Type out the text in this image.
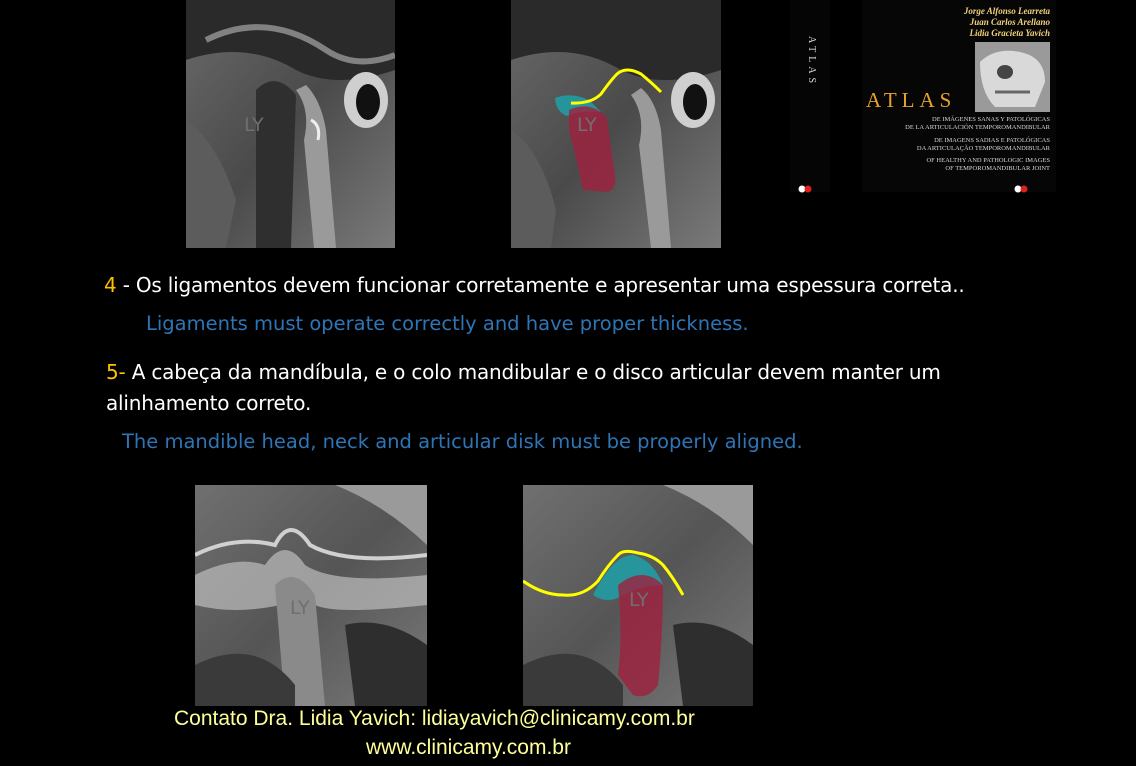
LY	LY
ATLAS
Jorge Alfonso Learreta
Juan Carlos Arellano
Lidia Gracieta Yavich
ATLAS
DE IMÁGENES SANAS Y PATOLÓGICAS
DE LA ARTICULACIÓN TEMPOROMANDIBULAR
DE IMAGENS SADIAS E PATOLÓGICAS
DA ARTICULAÇÃO TEMPOROMANDIBULAR
OF HEALTHY AND PATHOLOGIC IMAGES
OF TEMPOROMANDIBULAR JOINT
4 - Os ligamentos devem funcionar corretamente e apresentar uma espessura correta..
Ligaments must operate correctly and have proper thickness.
5- A cabeça da mandíbula, e o colo mandibular e o disco articular devem manter um
alinhamento correto.
The mandible head, neck and articular disk must be properly aligned.
LY	LY
Contato Dra. Lidia Yavich: lidiayavich@clinicamy.com.br
www.clinicamy.com.br
